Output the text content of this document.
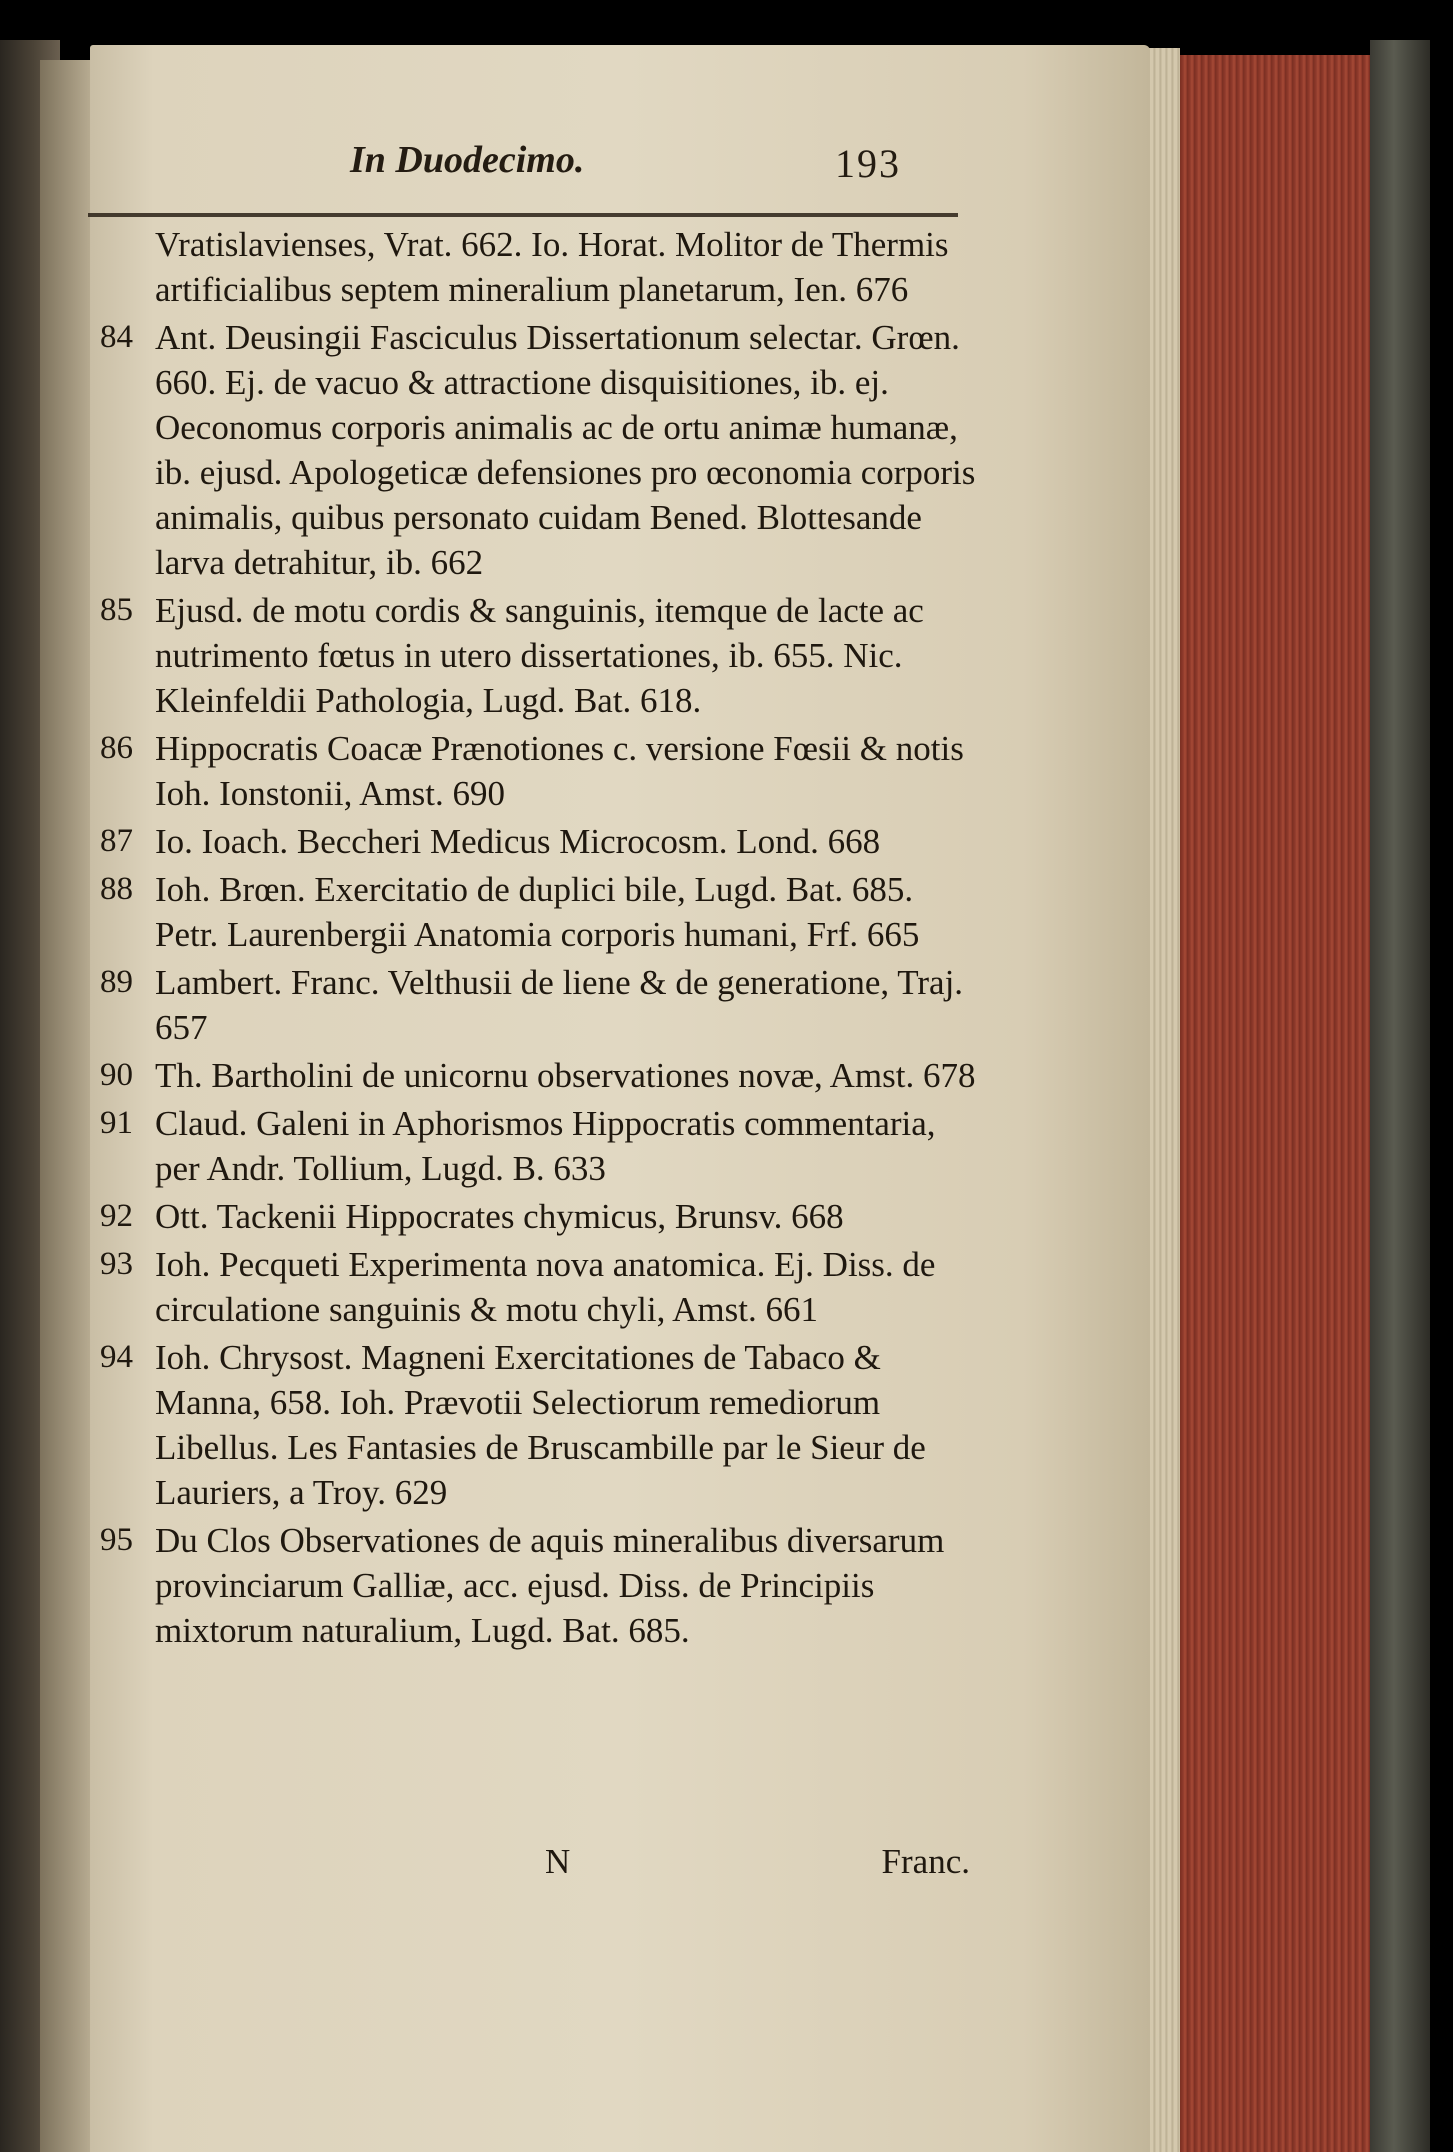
In Duodecimo.	193
Vratislavienses, Vrat. 662. Io. Horat. Molitor de Thermis artificialibus septem mineralium planetarum, Ien. 676
84 Ant. Deusingii Fasciculus Dissertationum selectar. Grœn. 660. Ej. de vacuo & attractione disquisitiones, ib. ej. Oeconomus corporis animalis ac de ortu animæ humanæ, ib. ejusd. Apologeticæ defensiones pro œconomia corporis animalis, quibus personato cuidam Bened. Blottesande larva detrahitur, ib. 662
85 Ejusd. de motu cordis & sanguinis, itemque de lacte ac nutrimento fœtus in utero dissertationes, ib. 655. Nic. Kleinfeldii Pathologia, Lugd. Bat. 618.
86 Hippocratis Coacæ Prænotiones c. versione Fœsii & notis Ioh. Ionstonii, Amst. 690
87 Io. Ioach. Beccheri Medicus Microcosm. Lond. 668
88 Ioh. Brœn. Exercitatio de duplici bile, Lugd. Bat. 685. Petr. Laurenbergii Anatomia corporis humani, Frf. 665
89 Lambert. Franc. Velthusii de liene & de generatione, Traj. 657
90 Th. Bartholini de unicornu observationes novæ, Amst. 678
91 Claud. Galeni in Aphorismos Hippocratis commentaria, per Andr. Tollium, Lugd. B. 633
92 Ott. Tackenii Hippocrates chymicus, Brunsv. 668
93 Ioh. Pecqueti Experimenta nova anatomica. Ej. Diss. de circulatione sanguinis & motu chyli, Amst. 661
94 Ioh. Chrysost. Magneni Exercitationes de Tabaco & Manna, 658. Ioh. Prævotii Selectiorum remediorum Libellus. Les Fantasies de Bruscambille par le Sieur de Lauriers, a Troy. 629
95 Du Clos Observationes de aquis mineralibus diversarum provinciarum Galliæ, acc. ejusd. Diss. de Principiis mixtorum naturalium, Lugd. Bat. 685.
N	Franc.
